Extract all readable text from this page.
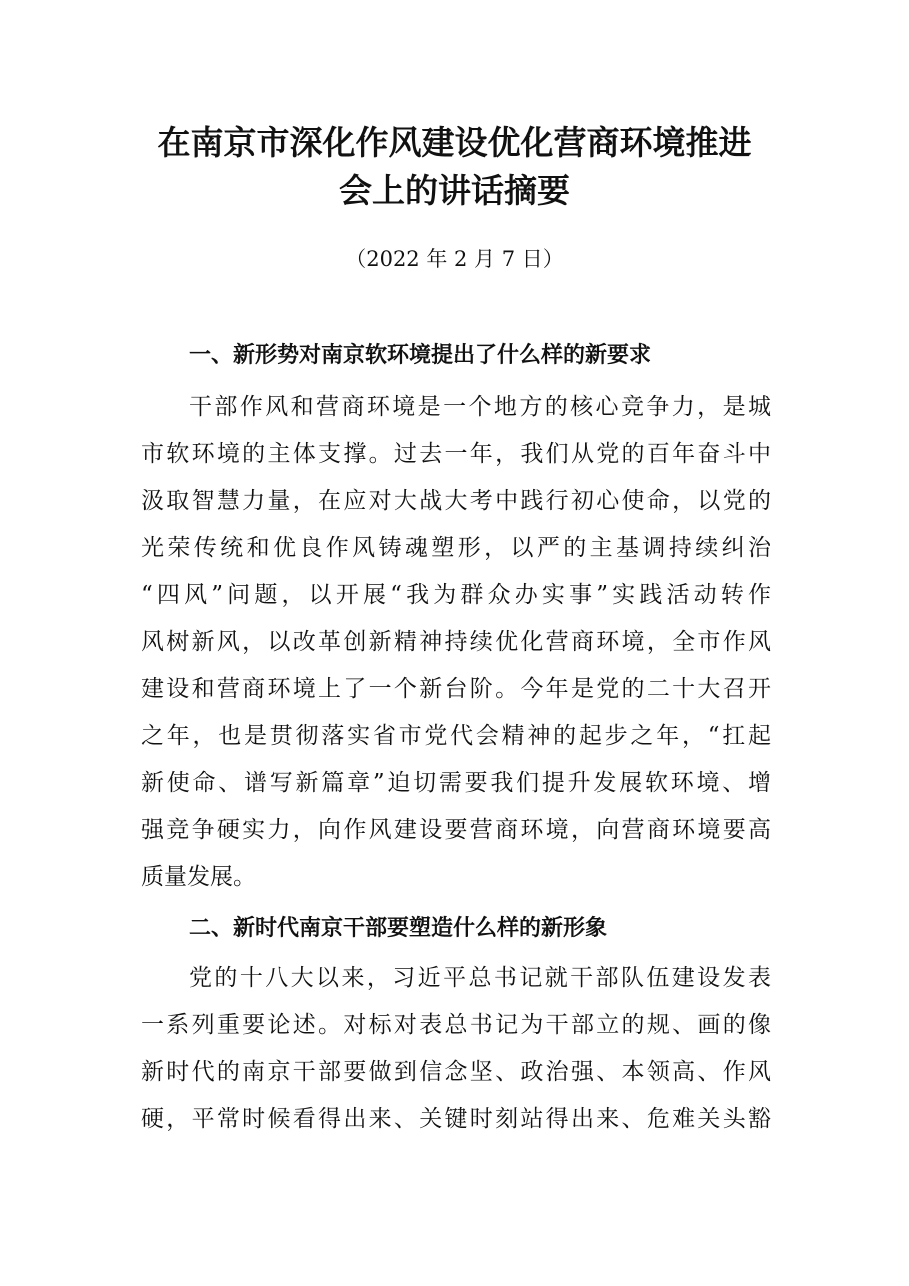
在南京市深化作风建设优化营商环境推进
会上的讲话摘要
（2022 年 2 月 7 日）
一、新形势对南京软环境提出了什么样的新要求
干部作风和营商环境是一个地方的核心竞争力，是城
市软环境的主体支撑。过去一年，我们从党的百年奋斗中
汲取智慧力量，在应对大战大考中践行初心使命，以党的
光荣传统和优良作风铸魂塑形，以严的主基调持续纠治
“四风”问题，以开展“我为群众办实事”实践活动转作
风树新风，以改革创新精神持续优化营商环境，全市作风
建设和营商环境上了一个新台阶。今年是党的二十大召开
之年，也是贯彻落实省市党代会精神的起步之年，“扛起
新使命、谱写新篇章”迫切需要我们提升发展软环境、增
强竞争硬实力，向作风建设要营商环境，向营商环境要高
质量发展。
二、新时代南京干部要塑造什么样的新形象
党的十八大以来，习近平总书记就干部队伍建设发表
一系列重要论述。对标对表总书记为干部立的规、画的像
新时代的南京干部要做到信念坚、政治强、本领高、作风
硬，平常时候看得出来、关键时刻站得出来、危难关头豁
